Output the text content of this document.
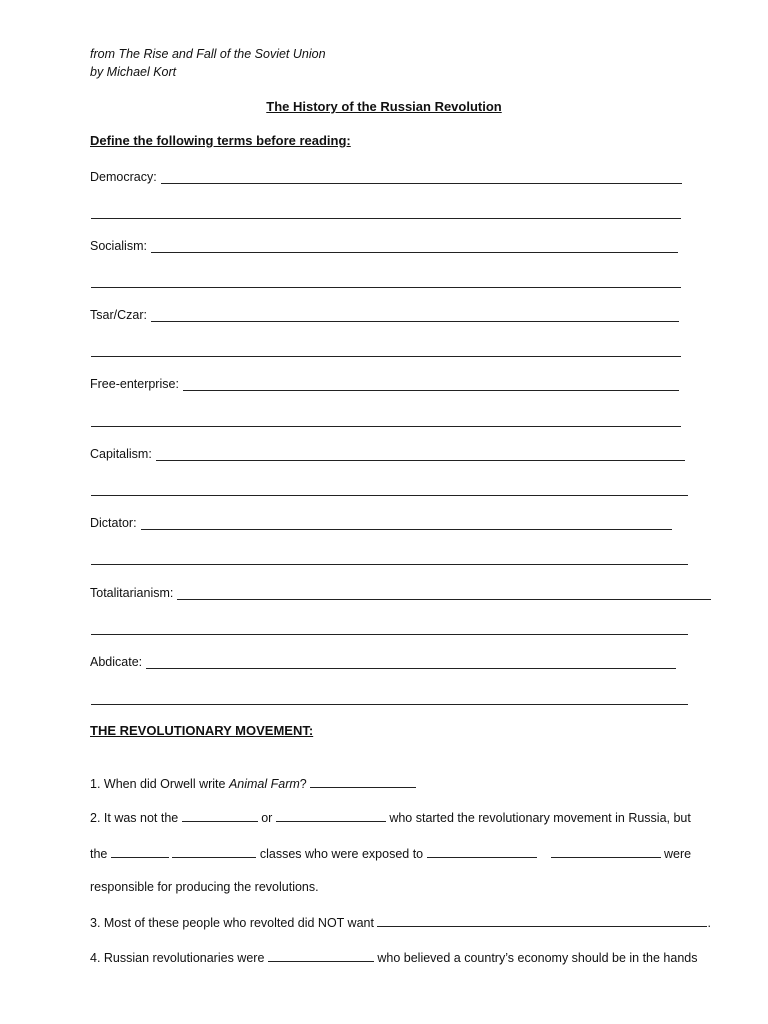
from The Rise and Fall of the Soviet Union
by Michael Kort
The History of the Russian Revolution
Define the following terms before reading:
Democracy:
Socialism:
Tsar/Czar:
Free-enterprise:
Capitalism:
Dictator:
Totalitarianism:
Abdicate:
THE REVOLUTIONARY MOVEMENT:
1. When did Orwell write Animal Farm?
2. It was not the	or	who started the revolutionary movement in Russia, but
the	classes who were exposed to	were
responsible for producing the revolutions.
3. Most of these people who revolted did NOT want	.
4. Russian revolutionaries were	who believed a country’s economy should be in the hands
